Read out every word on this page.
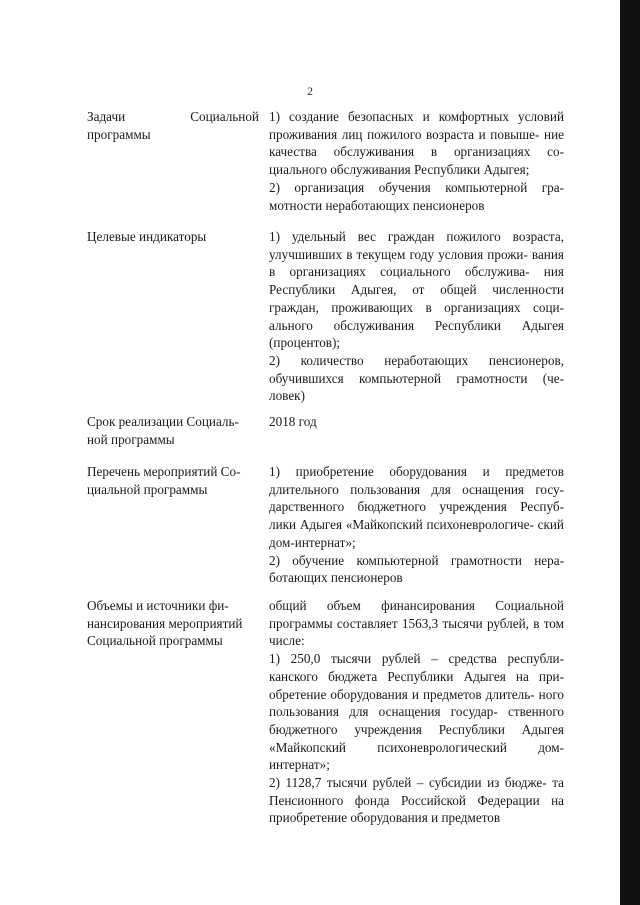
2
Задачи Социальной
программы
1) создание безопасных и комфортных условий проживания лиц пожилого возраста и повыше- ние качества обслуживания в организациях со- циального обслуживания Республики Адыгея;
2) организация обучения компьютерной гра- мотности неработающих пенсионеров
Целевые индикаторы	1) удельный вес граждан пожилого возраста, улучшивших в текущем году условия прожи- вания в организациях социального обслужива- ния Республики Адыгея, от общей численности граждан, проживающих в организациях соци- ального обслуживания Республики Адыгея (процентов);
2) количество неработающих пенсионеров, обучившихся компьютерной грамотности (че- ловек)
Срок реализации Социаль-
ной программы
2018 год
Перечень мероприятий Со-
циальной программы
1) приобретение оборудования и предметов длительного пользования для оснащения госу- дарственного бюджетного учреждения Респуб- лики Адыгея «Майкопский психоневрологиче- ский дом-интернат»;
2) обучение компьютерной грамотности нера- ботающих пенсионеров
Объемы и источники фи-
нансирования мероприятий
Социальной программы
общий объем финансирования Социальной программы составляет 1563,3 тысячи рублей, в том числе:
1) 250,0 тысячи рублей – средства республи- канского бюджета Республики Адыгея на при- обретение оборудования и предметов длитель- ного пользования для оснащения государ- ственного бюджетного учреждения Республики Адыгея «Майкопский психоневрологический дом-интернат»;
2) 1128,7 тысячи рублей – субсидии из бюдже- та Пенсионного фонда Российской Федерации на приобретение оборудования и предметов
